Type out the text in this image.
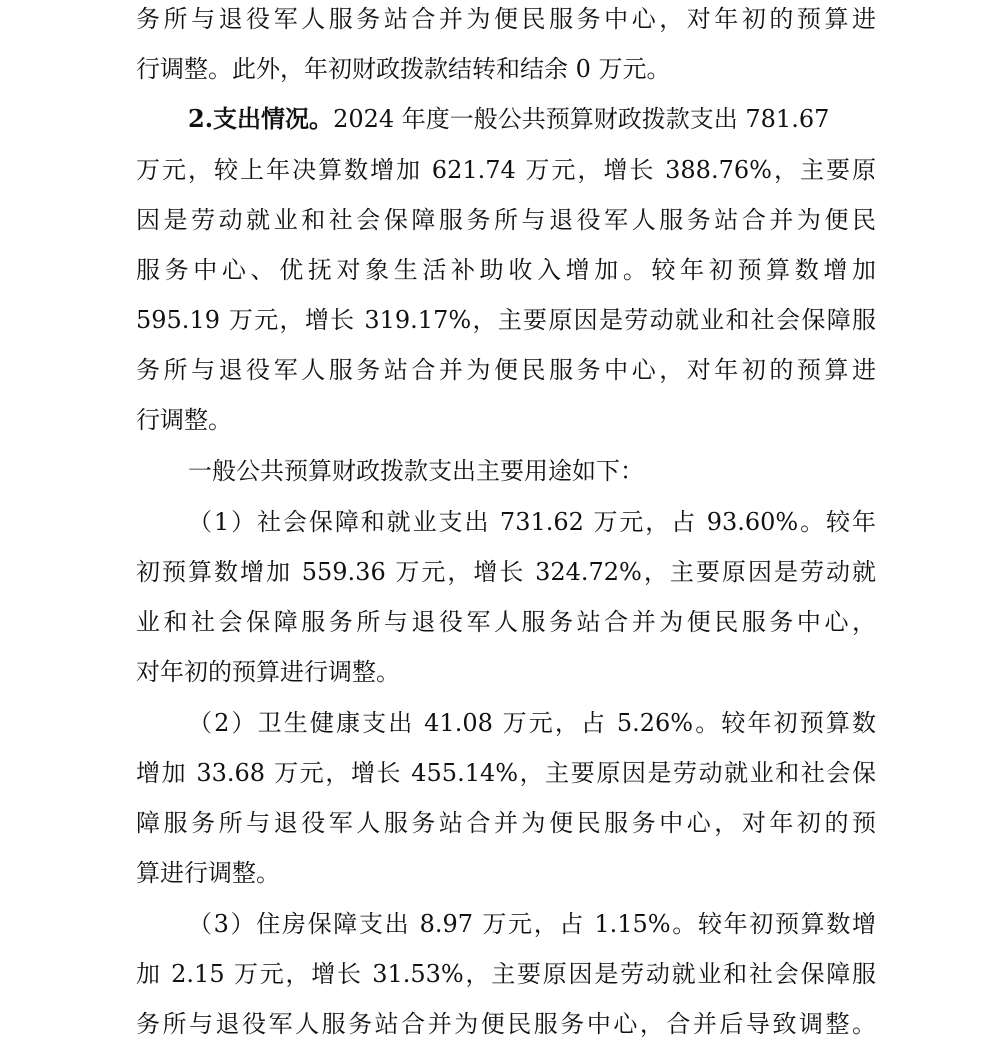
务所与退役军人服务站合并为便民服务中心，对年初的预算进
行调整。此外，年初财政拨款结转和结余 0 万元。
2.支出情况。2024 年度一般公共预算财政拨款支出 781.67
万元，较上年决算数增加 621.74 万元，增长 388.76%，主要原
因是劳动就业和社会保障服务所与退役军人服务站合并为便民
服务中心、优抚对象生活补助收入增加。较年初预算数增加
595.19 万元，增长 319.17%，主要原因是劳动就业和社会保障服
务所与退役军人服务站合并为便民服务中心，对年初的预算进
行调整。
一般公共预算财政拨款支出主要用途如下：
（1）社会保障和就业支出 731.62 万元，占 93.60%。较年
初预算数增加 559.36 万元，增长 324.72%，主要原因是劳动就
业和社会保障服务所与退役军人服务站合并为便民服务中心，
对年初的预算进行调整。
（2）卫生健康支出 41.08 万元，占 5.26%。较年初预算数
增加 33.68 万元，增长 455.14%，主要原因是劳动就业和社会保
障服务所与退役军人服务站合并为便民服务中心，对年初的预
算进行调整。
（3）住房保障支出 8.97 万元，占 1.15%。较年初预算数增
加 2.15 万元，增长 31.53%，主要原因是劳动就业和社会保障服
务所与退役军人服务站合并为便民服务中心，合并后导致调整。
